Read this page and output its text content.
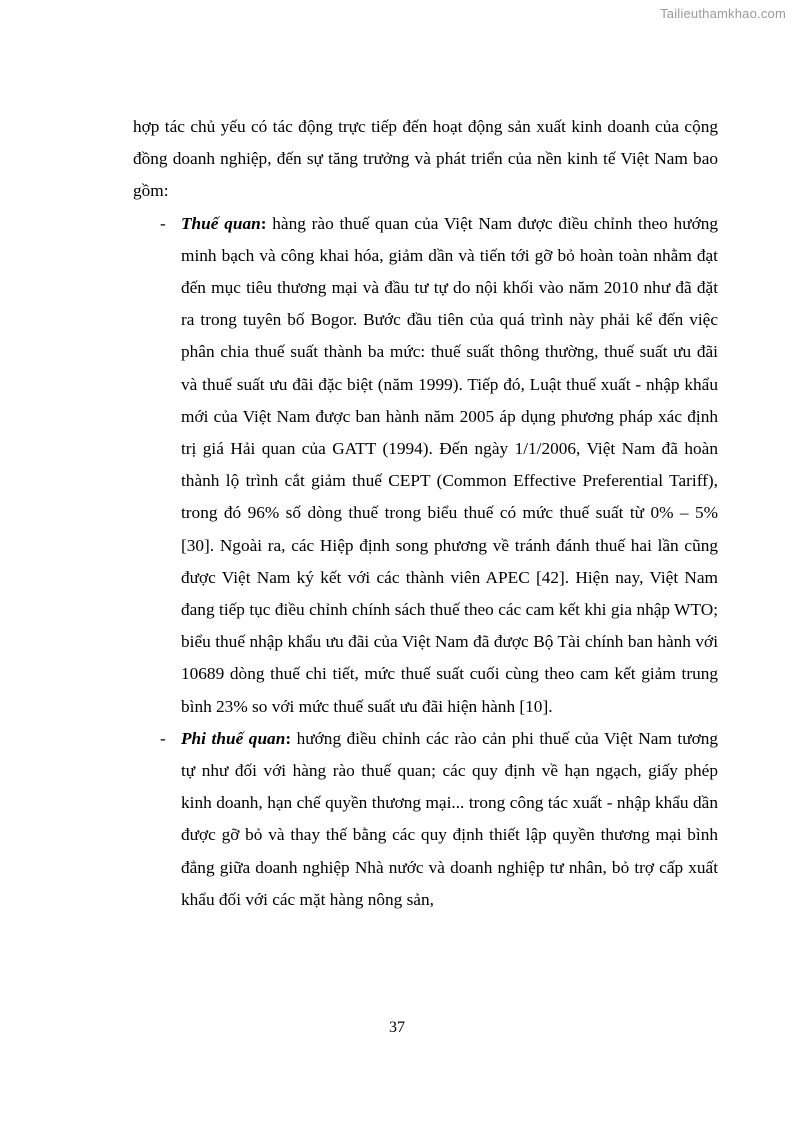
Tailieuthamkhao.com

hợp tác chủ yếu có tác động trực tiếp đến hoạt động sản xuất kinh doanh của cộng đồng doanh nghiệp, đến sự tăng trưởng và phát triển của nền kinh tế Việt Nam bao gồm:

- Thuế quan: hàng rào thuế quan của Việt Nam được điều chỉnh theo hướng minh bạch và công khai hóa, giảm dần và tiến tới gỡ bỏ hoàn toàn nhằm đạt đến mục tiêu thương mại và đầu tư tự do nội khối vào năm 2010 như đã đặt ra trong tuyên bố Bogor. Bước đầu tiên của quá trình này phải kể đến việc phân chia thuế suất thành ba mức: thuế suất thông thường, thuế suất ưu đãi và thuế suất ưu đãi đặc biệt (năm 1999). Tiếp đó, Luật thuế xuất - nhập khẩu mới của Việt Nam được ban hành năm 2005 áp dụng phương pháp xác định trị giá Hải quan của GATT (1994). Đến ngày 1/1/2006, Việt Nam đã hoàn thành lộ trình cắt giảm thuế CEPT (Common Effective Preferential Tariff), trong đó 96% số dòng thuế trong biểu thuế có mức thuế suất từ 0% – 5% [30]. Ngoài ra, các Hiệp định song phương về tránh đánh thuế hai lần cũng được Việt Nam ký kết với các thành viên APEC [42]. Hiện nay, Việt Nam đang tiếp tục điều chỉnh chính sách thuế theo các cam kết khi gia nhập WTO; biểu thuế nhập khẩu ưu đãi của Việt Nam đã được Bộ Tài chính ban hành với 10689 dòng thuế chi tiết, mức thuế suất cuối cùng theo cam kết giảm trung bình 23% so với mức thuế suất ưu đãi hiện hành [10].
- Phi thuế quan: hướng điều chỉnh các rào cản phi thuế của Việt Nam tương tự như đối với hàng rào thuế quan; các quy định về hạn ngạch, giấy phép kinh doanh, hạn chế quyền thương mại... trong công tác xuất - nhập khẩu dần được gỡ bỏ và thay thế bằng các quy định thiết lập quyền thương mại bình đẳng giữa doanh nghiệp Nhà nước và doanh nghiệp tư nhân, bỏ trợ cấp xuất khẩu đối với các mặt hàng nông sản,
37
